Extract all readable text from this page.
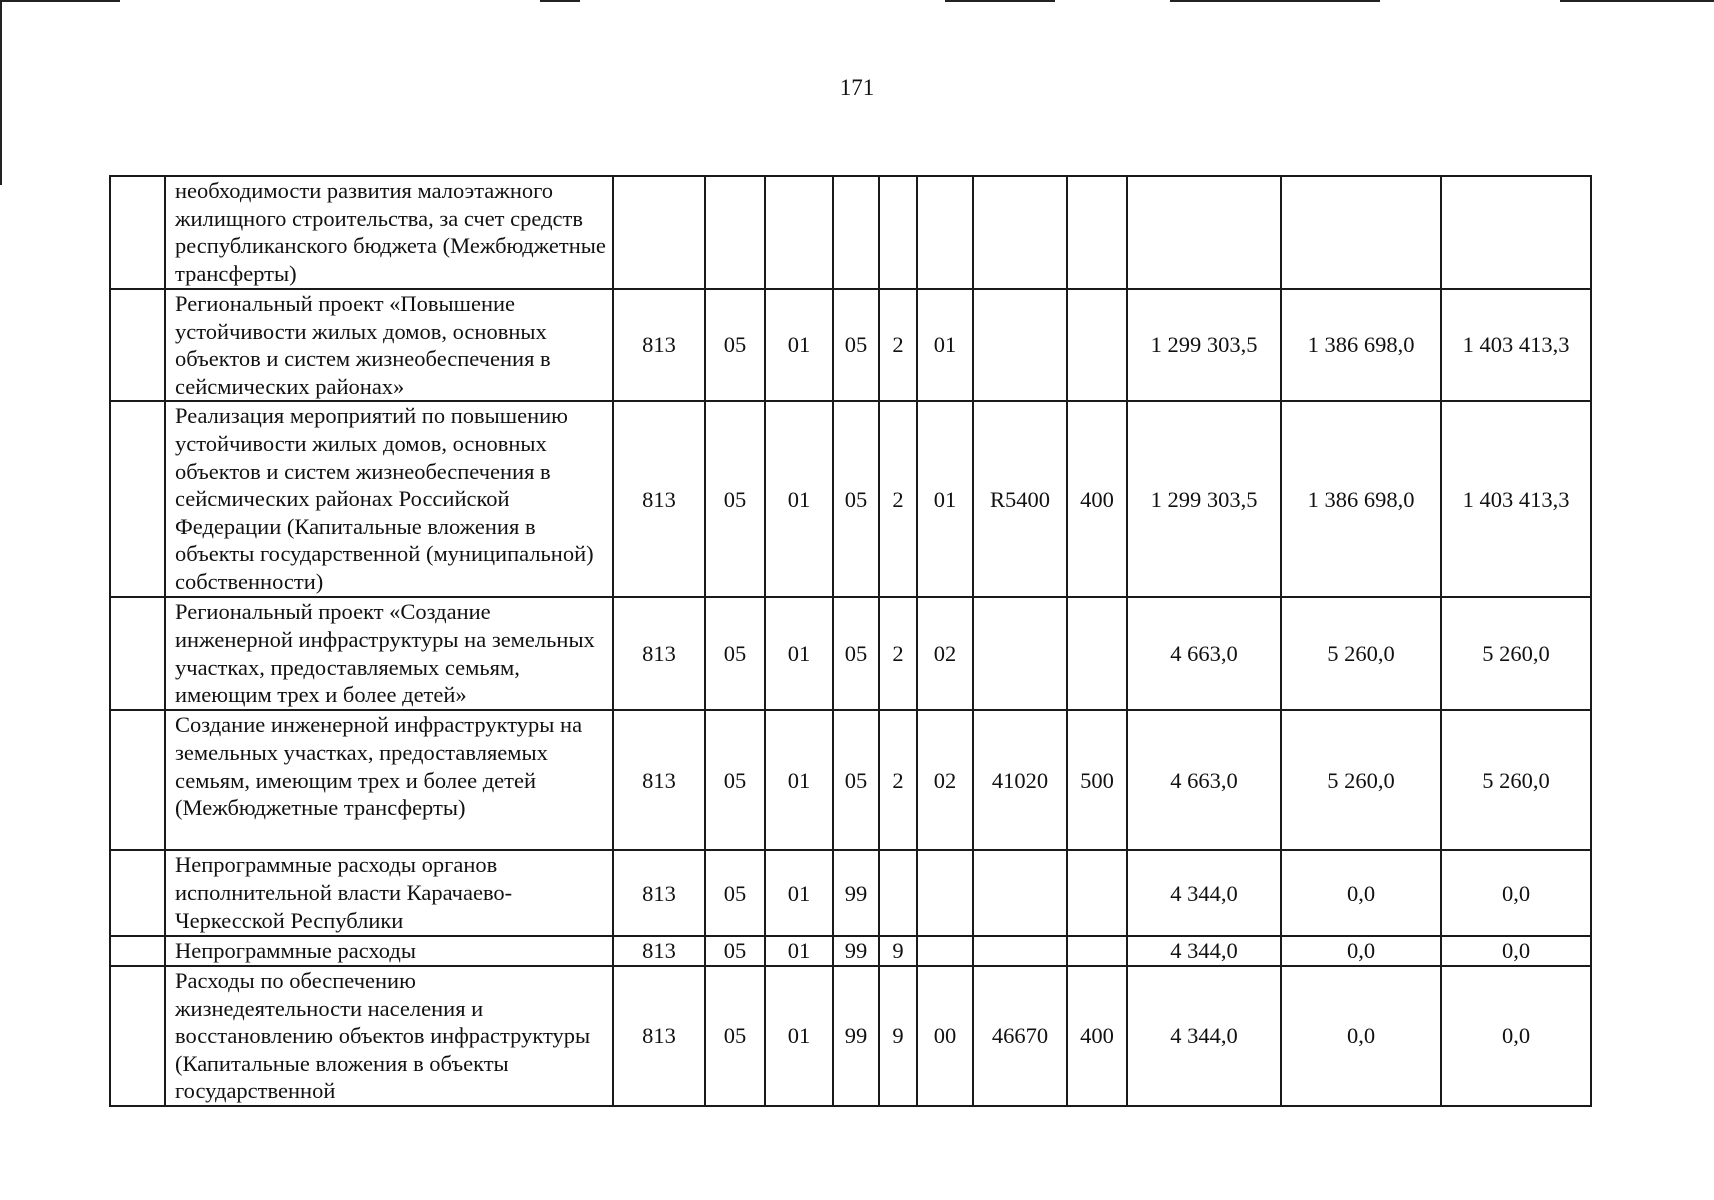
171
	необходимости развития малоэтажного жилищного строительства, за счет средств республиканского бюджета (Межбюджетные трансферты)											
	Региональный проект «Повышение устойчивости жилых домов, основных объектов и систем жизнеобеспечения в сейсмических районах»	813	05	01	05	2	01			1 299 303,5	1 386 698,0	1 403 413,3
	Реализация мероприятий по повышению устойчивости жилых домов, основных объектов и систем жизнеобеспечения в сейсмических районах Российской Федерации (Капитальные вложения в объекты государственной (муниципальной) собственности)	813	05	01	05	2	01	R5400	400	1 299 303,5	1 386 698,0	1 403 413,3
	Региональный проект «Создание инженерной инфраструктуры на земельных участках, предоставляемых семьям, имеющим трех и более детей»	813	05	01	05	2	02			4 663,0	5 260,0	5 260,0
	Создание инженерной инфраструктуры на земельных участках, предоставляемых семьям, имеющим трех и более детей (Межбюджетные трансферты)	813	05	01	05	2	02	41020	500	4 663,0	5 260,0	5 260,0
	Непрограммные расходы органов исполнительной власти Карачаево-Черкесской Республики	813	05	01	99					4 344,0	0,0	0,0
	Непрограммные расходы	813	05	01	99	9				4 344,0	0,0	0,0

	Расходы по обеспечению жизнедеятельности населения и восстановлению объектов инфраструктуры (Капитальные вложения в объекты государственной	813	05	01	99	9	00	46670	400	4 344,0	0,0	0,0
